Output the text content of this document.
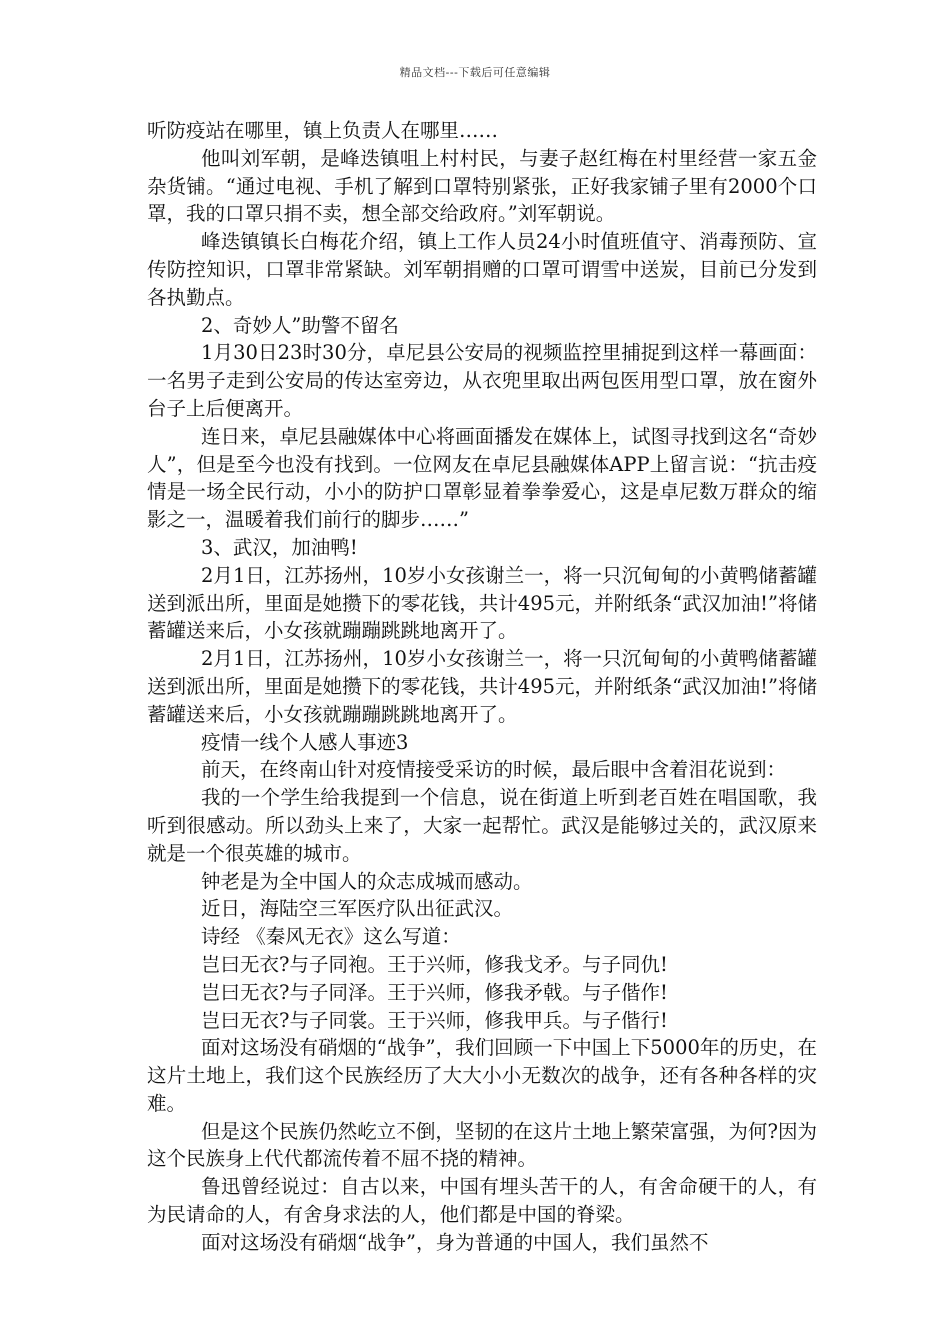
精品文档---下载后可任意编辑

听防疫站在哪里，镇上负责人在哪里……

他叫刘军朝，是峰迭镇咀上村村民，与妻子赵红梅在村里经营一家五金杂货铺。“通过电视、手机了解到口罩特别紧张，正好我家铺子里有2000个口罩，我的口罩只捐不卖，想全部交给政府。”刘军朝说。

峰迭镇镇长白梅花介绍，镇上工作人员24小时值班值守、消毒预防、宣传防控知识，口罩非常紧缺。刘军朝捐赠的口罩可谓雪中送炭，目前已分发到各执勤点。

2、奇妙人”助警不留名

1月30日23时30分，卓尼县公安局的视频监控里捕捉到这样一幕画面：一名男子走到公安局的传达室旁边，从衣兜里取出两包医用型口罩，放在窗外台子上后便离开。

连日来，卓尼县融媒体中心将画面播发在媒体上，试图寻找到这名“奇妙人”，但是至今也没有找到。一位网友在卓尼县融媒体APP上留言说：“抗击疫情是一场全民行动，小小的防护口罩彰显着拳拳爱心，这是卓尼数万群众的缩影之一，温暖着我们前行的脚步……”

3、武汉，加油鸭!

2月1日，江苏扬州，10岁小女孩谢兰一，将一只沉甸甸的小黄鸭储蓄罐送到派出所，里面是她攒下的零花钱，共计495元，并附纸条“武汉加油!”将储蓄罐送来后，小女孩就蹦蹦跳跳地离开了。

2月1日，江苏扬州，10岁小女孩谢兰一，将一只沉甸甸的小黄鸭储蓄罐送到派出所，里面是她攒下的零花钱，共计495元，并附纸条“武汉加油!”将储蓄罐送来后，小女孩就蹦蹦跳跳地离开了。

疫情一线个人感人事迹3

前天，在终南山针对疫情接受采访的时候，最后眼中含着泪花说到：

我的一个学生给我提到一个信息，说在街道上听到老百姓在唱国歌，我听到很感动。所以劲头上来了，大家一起帮忙。武汉是能够过关的，武汉原来就是一个很英雄的城市。

钟老是为全中国人的众志成城而感动。

近日，海陆空三军医疗队出征武汉。

诗经 《秦风无衣》这么写道：

岂曰无衣?与子同袍。王于兴师，修我戈矛。与子同仇!

岂曰无衣?与子同泽。王于兴师，修我矛戟。与子偕作!

岂曰无衣?与子同裳。王于兴师，修我甲兵。与子偕行!

面对这场没有硝烟的“战争”，我们回顾一下中国上下5000年的历史，在这片土地上，我们这个民族经历了大大小小无数次的战争，还有各种各样的灾难。

但是这个民族仍然屹立不倒，坚韧的在这片土地上繁荣富强，为何?因为这个民族身上代代都流传着不屈不挠的精神。

鲁迅曾经说过：自古以来，中国有埋头苦干的人，有舍命硬干的人，有为民请命的人，有舍身求法的人，他们都是中国的脊梁。

面对这场没有硝烟“战争”，身为普通的中国人，我们虽然不
